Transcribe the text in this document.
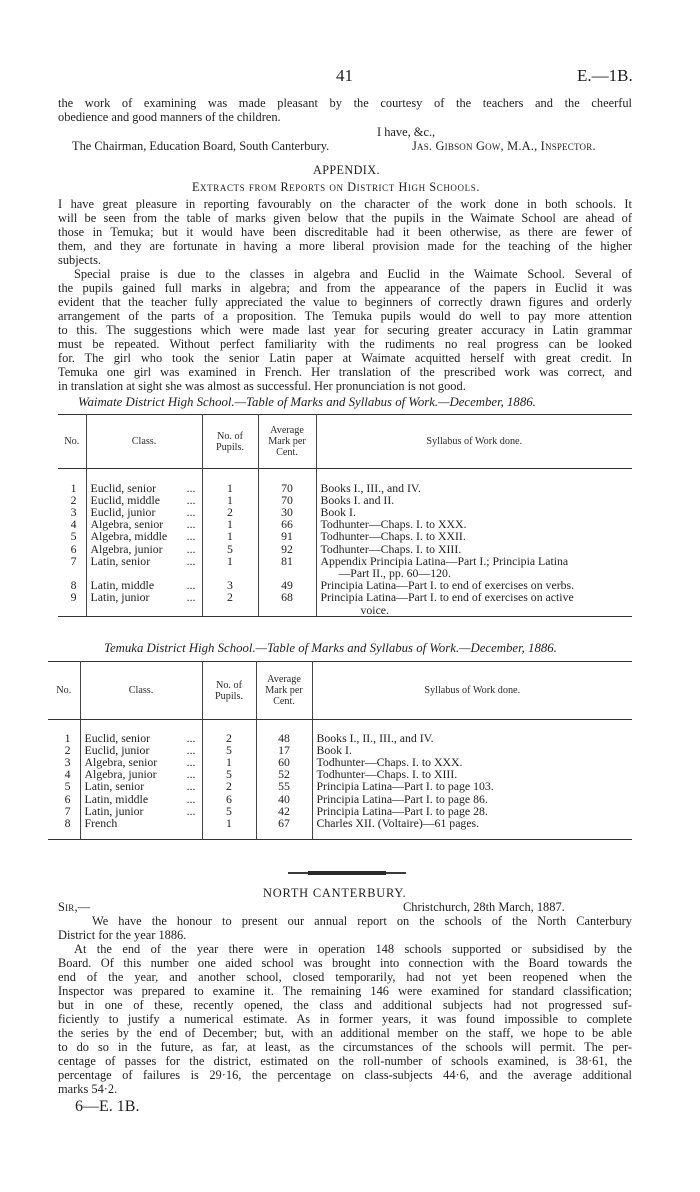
41	E.—1B.
the work of examining was made pleasant by the courtesy of the teachers and the cheerful
obedience and good manners of the children.
I have, &c.,
The Chairman, Education Board, South Canterbury.	Jas. Gibson Gow, M.A., Inspector.
APPENDIX.
Extracts from Reports on District High Schools.
I have great pleasure in reporting favourably on the character of the work done in both schools. It
will be seen from the table of marks given below that the pupils in the Waimate School are ahead of
those in Temuka; but it would have been discreditable had it been otherwise, as there are fewer of
them, and they are fortunate in having a more liberal provision made for the teaching of the higher
subjects.
Special praise is due to the classes in algebra and Euclid in the Waimate School. Several of
the pupils gained full marks in algebra; and from the appearance of the papers in Euclid it was
evident that the teacher fully appreciated the value to beginners of correctly drawn figures and orderly
arrangement of the parts of a proposition. The Temuka pupils would do well to pay more attention
to this. The suggestions which were made last year for securing greater accuracy in Latin grammar
must be repeated. Without perfect familiarity with the rudiments no real progress can be looked
for. The girl who took the senior Latin paper at Waimate acquitted herself with great credit. In
Temuka one girl was examined in French. Her translation of the prescribed work was correct, and
in translation at sight she was almost as successful. Her pronunciation is not good.
Waimate District High School.—Table of Marks and Syllabus of Work.—December, 1886.
No.	Class.	No. of Pupils.	Average Mark per Cent.	Syllabus of Work done.

1	Euclid, senior ...	1	70	Books I., III., and IV.
2	Euclid, middle ...	1	70	Books I. and II.
3	Euclid, junior ...	2	30	Book I.
4	Algebra, senior ...	1	66	Todhunter—Chaps. I. to XXX.
5	Algebra, middle ...	1	91	Todhunter—Chaps. I. to XXII.
6	Algebra, junior ...	5	92	Todhunter—Chaps. I. to XIII.
7	Latin, senior ...	1	81	Appendix Principia Latina—Part I.; Principia Latina
—Part II., pp. 60—120.

8	Latin, middle ...	3	49	Principia Latina—Part I. to end of exercises on verbs.
9	Latin, junior ...	2	68	Principia Latina—Part I. to end of exercises on active
voice.
Temuka District High School.—Table of Marks and Syllabus of Work.—December, 1886.
No.	Class.	No. of Pupils.	Average Mark per Cent.	Syllabus of Work done.

1	Euclid, senior ...	2	48	Books I., II., III., and IV.
2	Euclid, junior ...	5	17	Book I.
3	Algebra, senior ...	1	60	Todhunter—Chaps. I. to XXX.
4	Algebra, junior ...	5	52	Todhunter—Chaps. I. to XIII.
5	Latin, senior ...	2	55	Principia Latina—Part I. to page 103.
6	Latin, middle ...	6	40	Principia Latina—Part I. to page 86.
7	Latin, junior ...	5	42	Principia Latina—Part I. to page 28.
8	French	1	67	Charles XII. (Voltaire)—61 pages.
NORTH CANTERBURY.
Sir,—	Christchurch, 28th March, 1887.
We have the honour to present our annual report on the schools of the North Canterbury
District for the year 1886.
At the end of the year there were in operation 148 schools supported or subsidised by the
Board. Of this number one aided school was brought into connection with the Board towards the
end of the year, and another school, closed temporarily, had not yet been reopened when the
Inspector was prepared to examine it. The remaining 146 were examined for standard classification;
but in one of these, recently opened, the class and additional subjects had not progressed suf-
ficiently to justify a numerical estimate. As in former years, it was found impossible to complete
the series by the end of December; but, with an additional member on the staff, we hope to be able
to do so in the future, as far, at least, as the circumstances of the schools will permit. The per-
centage of passes for the district, estimated on the roll-number of schools examined, is 38·61, the
percentage of failures is 29·16, the percentage on class-subjects 44·6, and the average additional
marks 54·2.
6—E. 1B.
